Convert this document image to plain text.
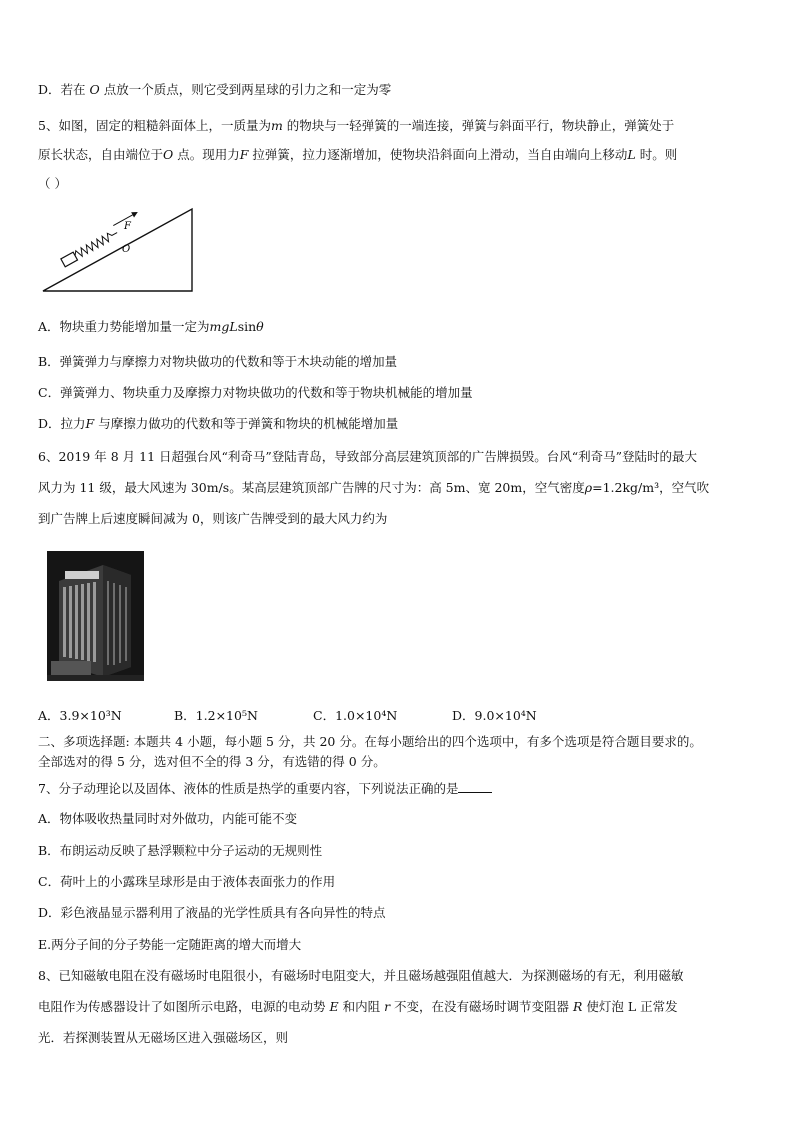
D．若在 O 点放一个质点，则它受到两星球的引力之和一定为零
5、如图，固定的粗糙斜面体上，一质量为m 的物块与一轻弹簧的一端连接，弹簧与斜面平行，物块静止，弹簧处于
原长状态，自由端位于O 点。现用力F 拉弹簧，拉力逐渐增加，使物块沿斜面向上滑动，当自由端向上移动L 时。则
（ ）
F
O
A．物块重力势能增加量一定为mgLsinθ
B．弹簧弹力与摩擦力对物块做功的代数和等于木块动能的增加量
C．弹簧弹力、物块重力及摩擦力对物块做功的代数和等于物块机械能的增加量
D．拉力F 与摩擦力做功的代数和等于弹簧和物块的机械能增加量
6、2019 年 8 月 11 日超强台风“利奇马”登陆青岛，导致部分高层建筑顶部的广告牌损毁。台风“利奇马”登陆时的最大
风力为 11 级，最大风速为 30m/s。某高层建筑顶部广告牌的尺寸为：高 5m、宽 20m，空气密度ρ=1.2kg/m³，空气吹
到广告牌上后速度瞬间减为 0，则该广告牌受到的最大风力约为
A．3.9×10³N	B．1.2×10⁵N	C．1.0×10⁴N	D．9.0×10⁴N
二、多项选择题: 本题共 4 小题，每小题 5 分，共 20 分。在每小题给出的四个选项中，有多个选项是符合题目要求的。
全部选对的得 5 分，选对但不全的得 3 分，有选错的得 0 分。
7、分子动理论以及固体、液体的性质是热学的重要内容，下列说法正确的是
A．物体吸收热量同时对外做功，内能可能不变
B．布朗运动反映了悬浮颗粒中分子运动的无规则性
C．荷叶上的小露珠呈球形是由于液体表面张力的作用
D．彩色液晶显示器利用了液晶的光学性质具有各向异性的特点
E.两分子间的分子势能一定随距离的增大而增大
8、已知磁敏电阻在没有磁场时电阻很小，有磁场时电阻变大，并且磁场越强阻值越大．为探测磁场的有无，利用磁敏
电阻作为传感器设计了如图所示电路，电源的电动势 E 和内阻 r 不变，在没有磁场时调节变阻器 R 使灯泡 L 正常发
光．若探测装置从无磁场区进入强磁场区，则
